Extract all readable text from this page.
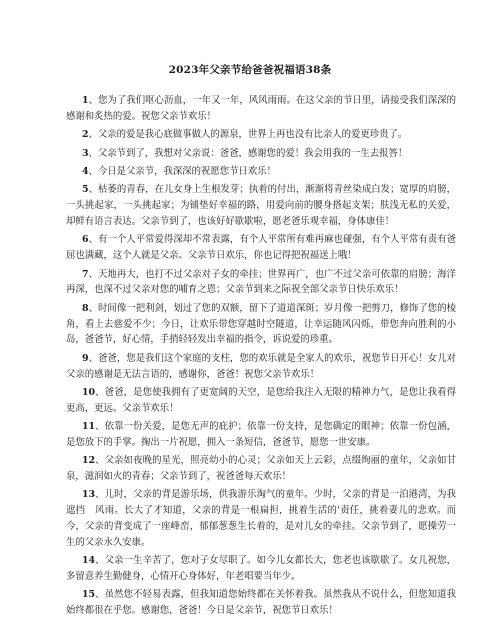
2023年父亲节给爸爸祝福语38条

1、您为了我们呕心沥血，一年又一年，风风雨雨。在这父亲的节日里，请接受我们深深的感谢和炙热的爱。祝您父亲节欢乐！

2、父亲的爱是我心底做事做人的源泉，世界上再也没有比亲人的爱更珍贵了。

3、父亲节到了，我想对父亲说：爸爸，感谢您的爱！我会用我的一生去报答！

4、今日是父亲节，我深深的祝愿您节日欢乐！

5、枯萎的青春，在儿女身上生根发芽；执着的付出，渐渐将青丝染成白发；宽厚的肩膀，一头挑起家，一头挑起家；为铺垫好幸福的路，用爱向前的腰身搭起支架；肤浅无私的关爱，却鲜有语言表达。父亲节到了，也该好好歇歇啦，愿老爸乐观幸福，身体康佳！

6、有一个人平常爱得深却不常表露，有个人平常所有难再麻也碰强，有个人平常有责有爸屈也满藏，这个人就是父亲。父亲节日欢乐，你也记得把祝福送上哦！

7、天地再大，也打不过父亲对子女的牵挂；世界再广，也广不过父亲可依靠的肩膀；海洋再深，也深不过父亲对您的哺育之恩；父亲节到来之际祝全部父亲节日快乐欢乐！

8、时间像一把利剑，划过了您的双额，留下了道道深斑；岁月像一把剪刀，修饰了您的棱角，看上去慈爱不少；今日，让欢乐带您穿越时空隧道，让幸运随风闪烁，带您奔向胜利的小岛，爸爸节，好心情，手捎轻轻发出幸福的指令，诉说爱的珍重。

9、爸爸，您是我们这个家庭的支柱，您的欢乐就是全家人的欢乐，祝您节日开心！女儿对父亲的感谢是无法言语的，感谢你，爸爸！祝您父亲节欢乐！

10、爸爸，是您使我拥有了更宽阔的天空，是您给我注入无限的精神力气，是您让我看得更高，更远。父亲节欢乐！

11、依靠一份关爱，是您无声的庇护；依靠一份支持，是您确定的眼神；依靠一份包涵，是您放下的手掌。掬出一片祝愿，拥入一条短信，爸爸节，愿您一世安康。

12、父亲如夜晚的星光，照亮幼小的心灵；父亲如天上云彩，点缀绚丽的童年，父亲如甘泉，滋润如火的青春；父亲节到了，祝爸爸每天欢乐！

13、儿时，父亲的背是游乐场，供我游乐淘气的童年。少时，父亲的背是一泊港湾，为我遮挡　风雨。长大了才知道，父亲的背是一根扁担，挑着生活的'责任，挑着妻儿的悲欢。而今，父亲的背变成了一座峰峦，郁郁葱葱生长着的，是对儿女的牵挂。父亲节到了，愿操劳一生的父亲永久安康。

14、父亲一生辛苦了，您对子女尽职了。如今儿女都长大，您老也该歇歇了。女儿祝您，多留意养生勤健身，心情开心身体好，年老唱要当年少。

15、虽然您不轻易表露，但我知道您始终都在关怀着我。虽然我从不说什么，但您知道我始终都很在乎您。感谢您，爸爸！今日是父亲节，祝您节日欢乐！
